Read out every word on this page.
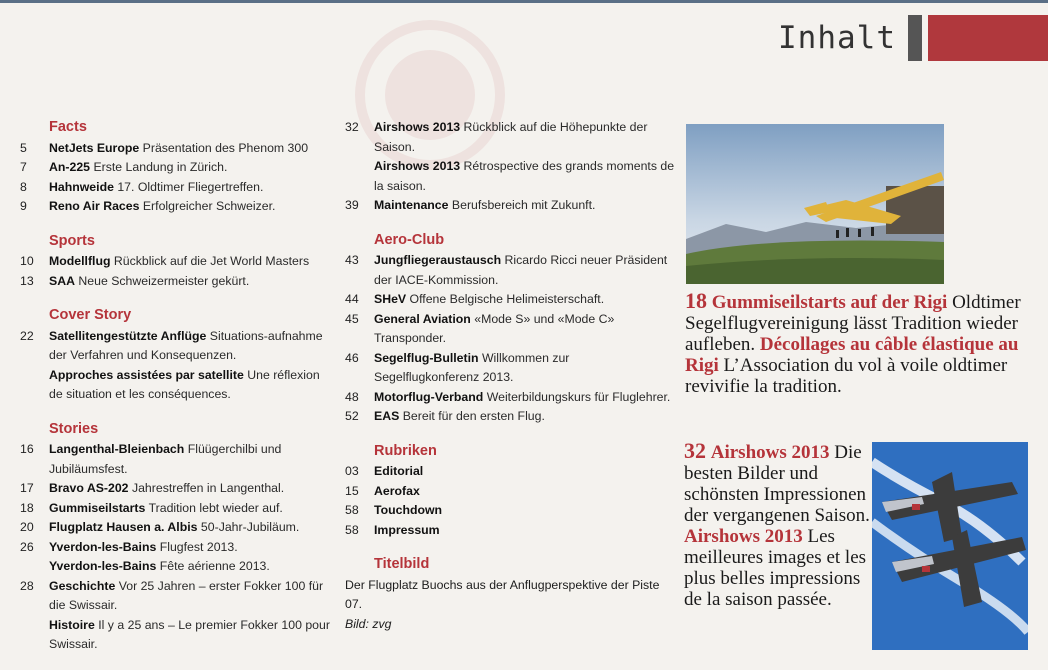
Inhalt
Facts
5	NetJets Europe Präsentation des Phenom 300
7	An-225 Erste Landung in Zürich.
8	Hahnweide 17. Oldtimer Fliegertreffen.
9	Reno Air Races Erfolgreicher Schweizer.
Sports
10	Modellflug Rückblick auf die Jet World Masters
13	SAA Neue Schweizermeister gekürt.
Cover Story
22	Satellitengestützte Anflüge Situations-aufnahme der Verfahren und Konsequenzen.
Approches assistées par satellite Une réflexion de situation et les conséquences.
Stories
16	Langenthal-Bleienbach Flüügerchilbi und Jubiläumsfest.
17	Bravo AS-202 Jahrestreffen in Langenthal.
18	Gummiseilstarts Tradition lebt wieder auf.
20	Flugplatz Hausen a. Albis 50-Jahr-Jubiläum.
26	Yverdon-les-Bains Flugfest 2013.
Yverdon-les-Bains Fête aérienne 2013.
28	Geschichte Vor 25 Jahren – erster Fokker 100 für die Swissair.
Histoire Il y a 25 ans – Le premier Fokker 100 pour Swissair.
32	Airshows 2013 Rückblick auf die Höhepunkte der Saison.
Airshows 2013 Rétrospective des grands moments de la saison.
39	Maintenance Berufsbereich mit Zukunft.
Aero-Club
43	Jungfliegeraustausch Ricardo Ricci neuer Präsident der IACE-Kommission.
44	SHeV Offene Belgische Helimeisterschaft.
45	General Aviation «Mode S» und «Mode C» Transponder.
46	Segelflug-Bulletin Willkommen zur Segelflugkonferenz 2013.
48	Motorflug-Verband Weiterbildungskurs für Fluglehrer.
52	EAS Bereit für den ersten Flug.
Rubriken
03	Editorial
15	Aerofax
58	Touchdown
58	Impressum
Titelbild
Der Flugplatz Buochs aus der Anflugperspektive der Piste 07.
Bild: zvg
18 Gummiseilstarts auf der Rigi Oldtimer Segelflugvereinigung lässt Tradition wieder aufleben. Décollages au câble élastique au Rigi L’Association du vol à voile oldtimer revivifie la tradition.
32 Airshows 2013 Die besten Bilder und schönsten Impressionen der vergangenen Saison. Airshows 2013 Les meilleures images et les plus belles impressions de la saison passée.
